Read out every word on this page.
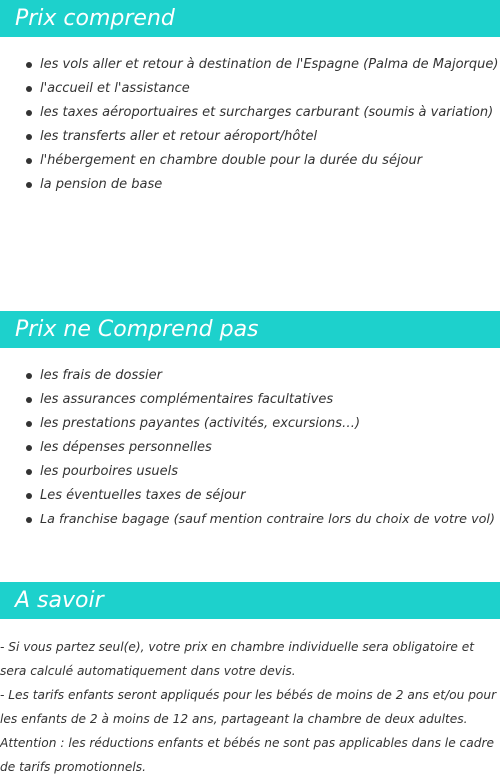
Prix comprend
les vols aller et retour à destination de l'Espagne (Palma de Majorque)
l'accueil et l'assistance
les taxes aéroportuaires et surcharges carburant (soumis à variation)
les transferts aller et retour aéroport/hôtel
l'hébergement en chambre double pour la durée du séjour
la pension de base
Prix ne Comprend pas
les frais de dossier
les assurances complémentaires facultatives
les prestations payantes (activités, excursions…)
les dépenses personnelles
les pourboires usuels
Les éventuelles taxes de séjour
La franchise bagage (sauf mention contraire lors du choix de votre vol)
A savoir

- Si vous partez seul(e), votre prix en chambre individuelle sera obligatoire et sera calculé automatiquement dans votre devis.

- Les tarifs enfants seront appliqués pour les bébés de moins de 2 ans et/ou pour les enfants de 2 à moins de 12 ans, partageant la chambre de deux adultes.

Attention : les réductions enfants et bébés ne sont pas applicables dans le cadre de tarifs promotionnels.
